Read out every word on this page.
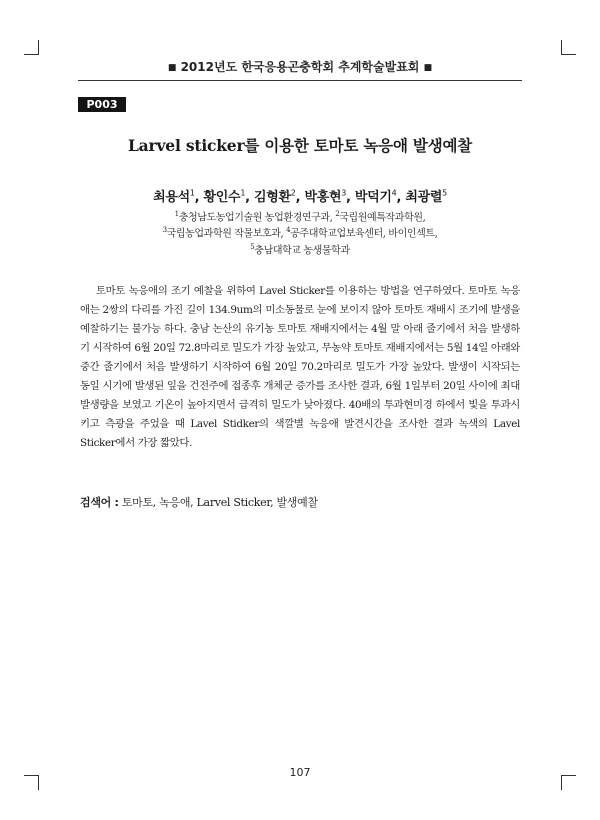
■ 2012년도 한국응용곤충학회 추계학술발표회 ■
P003
Larvel sticker를 이용한 토마토 녹응애 발생예찰
최용석$^1$, 황인수$^1$, 김형환$^2$, 박홍현$^3$, 박덕기$^4$, 최광렬$^5$
$^1$충청남도농업기술원 농업환경연구과, $^2$국립원예특작과학원,
$^3$국립농업과학원 작물보호과, $^4$공주대학교업보육센터, 바이인섹트,
$^5$충남대학교 농생물학과

토마토 녹응애의 조기 예찰을 위하여 Lavel Sticker를 이용하는 방법을 연구하였다. 토마토 녹응애는 2쌍의 다리를 가진 길이 134.9um의 미소동물로 눈에 보이지 않아 토마토 재배시 조기에 발생을 예찰하기는 불가능 하다. 충남 논산의 유기농 토마토 재배지에서는 4월 말 아래 줄기에서 처음 발생하기 시작하여 6월 20일 72.8마리로 밀도가 가장 높았고, 무농약 토마토 재배지에서는 5월 14일 아래와 중간 줄기에서 처음 발생하기 시작하여 6월 20일 70.2마리로 밀도가 가장 높았다. 발생이 시작되는 동일 시기에 발생된 잎을 건전주에 접종후 개체군 증가를 조사한 결과, 6월 1일부터 20일 사이에 최대 발생량을 보였고 기온이 높아지면서 급격히 밀도가 낮아졌다. 40배의 투과현미경 하에서 빛을 투과시키고 측광을 주었을 때 Lavel Stidker의 색깔별 녹응애 발견시간을 조사한 결과 녹색의 Lavel Sticker에서 가장 짧았다.

검색어 : 토마토, 녹응애, Larvel Sticker, 발생예찰
107
